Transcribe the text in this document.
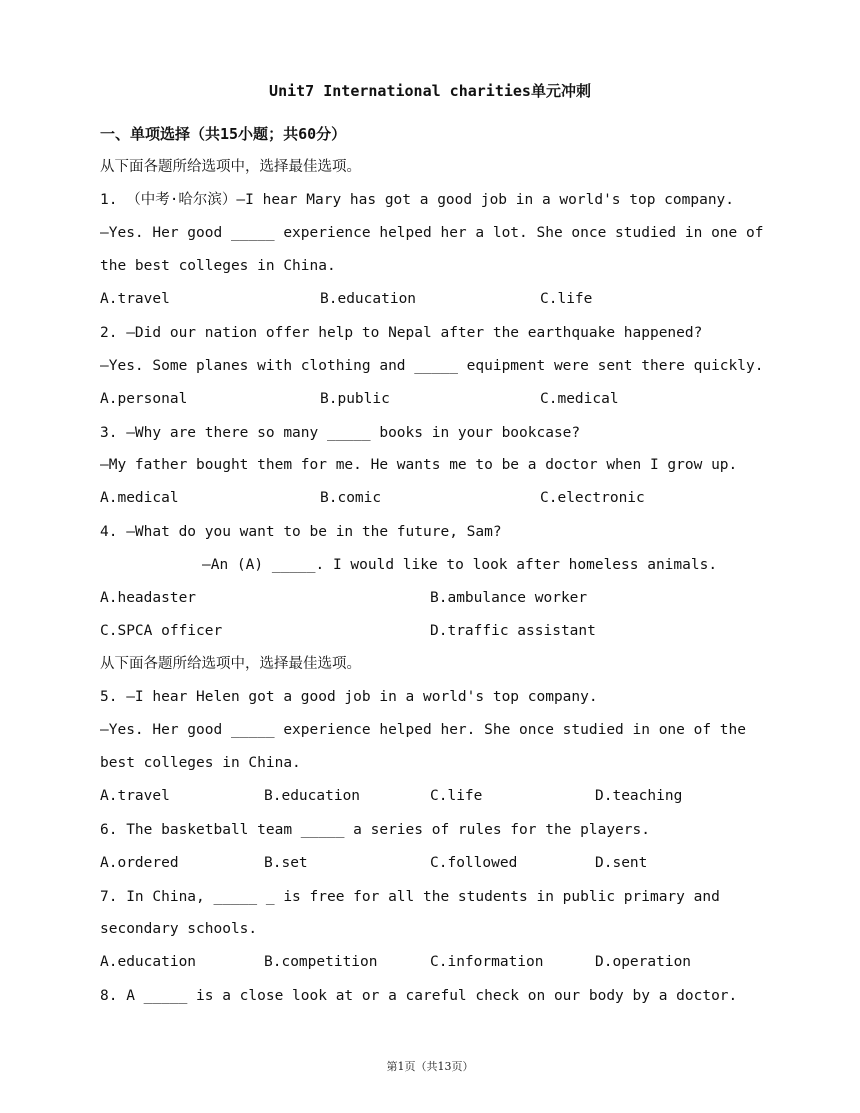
Unit7 International charities单元冲刺
一、单项选择（共15小题；共60分）
从下面各题所给选项中，选择最佳选项。
1. （中考·哈尔滨）—I hear Mary has got a good job in a world's top company.
—Yes. Her good _____ experience helped her a lot. She once studied in one of
the best colleges in China.
A.travel	B.education	C.life
2. —Did our nation offer help to Nepal after the earthquake happened?
—Yes. Some planes with clothing and _____ equipment were sent there quickly.
A.personal	B.public	C.medical
3. —Why are there so many _____ books in your bookcase?
—My father bought them for me. He wants me to be a doctor when I grow up.
A.medical	B.comic	C.electronic
4. —What do you want to be in the future, Sam?
—An (A) _____. I would like to look after homeless animals.
A.headaster	B.ambulance worker
C.SPCA officer	D.traffic assistant
从下面各题所给选项中，选择最佳选项。
5. —I hear Helen got a good job in a world's top company.
—Yes. Her good _____ experience helped her. She once studied in one of the
best colleges in China.
A.travel	B.education	C.life	D.teaching
6. The basketball team _____ a series of rules for the players.
A.ordered	B.set	C.followed	D.sent
7. In China, _____ _ is free for all the students in public primary and
secondary schools.
A.education	B.competition	C.information	D.operation
8. A _____ is a close look at or a careful check on our body by a doctor.
第1页（共13页）
